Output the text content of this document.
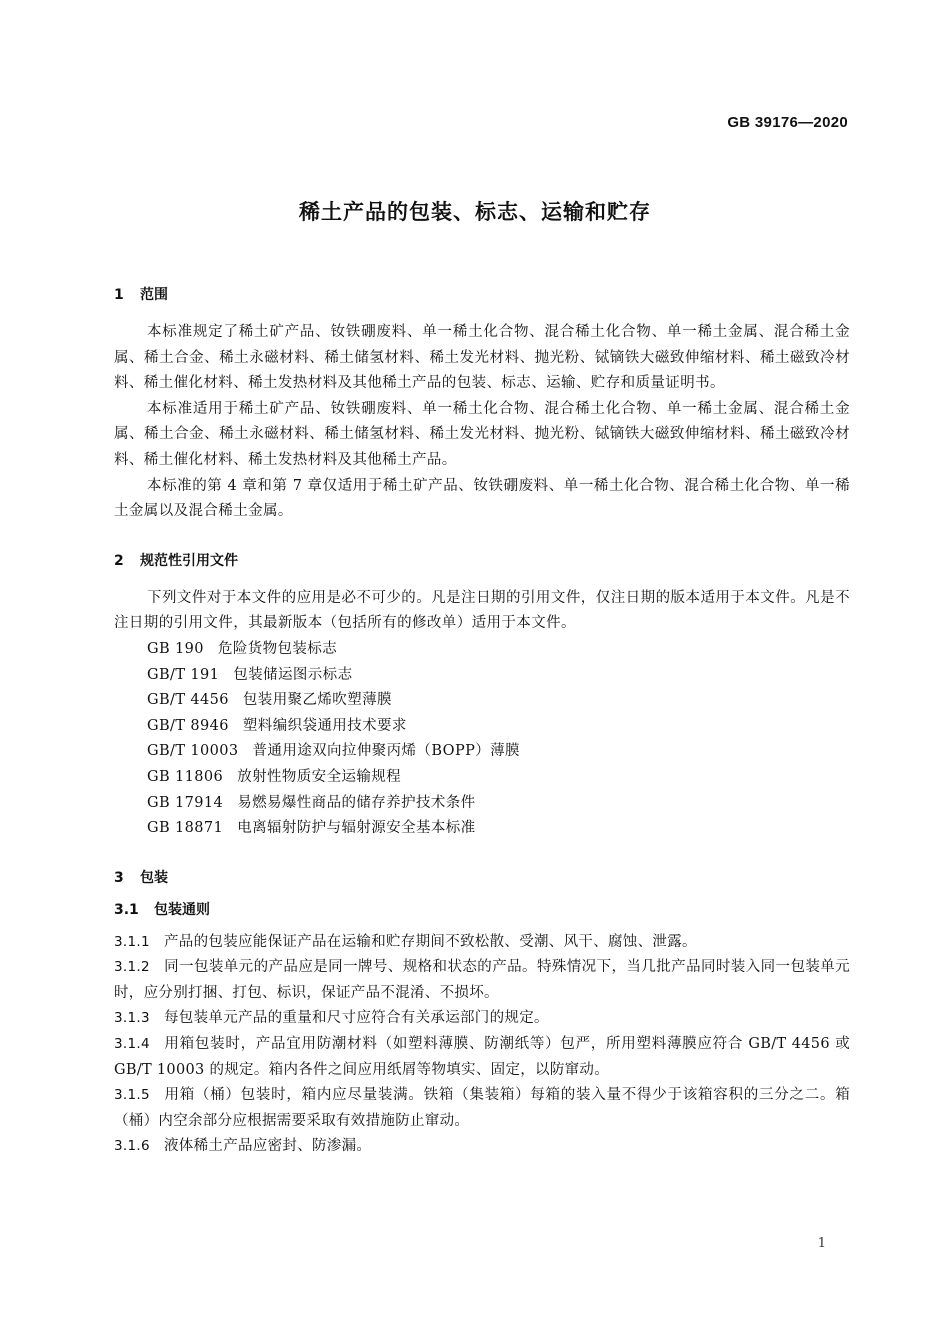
GB 39176—2020
稀土产品的包装、标志、运输和贮存
1 范围

本标准规定了稀土矿产品、钕铁硼废料、单一稀土化合物、混合稀土化合物、单一稀土金属、混合稀土金属、稀土合金、稀土永磁材料、稀土储氢材料、稀土发光材料、抛光粉、铽镝铁大磁致伸缩材料、稀土磁致冷材料、稀土催化材料、稀土发热材料及其他稀土产品的包装、标志、运输、贮存和质量证明书。

本标准适用于稀土矿产品、钕铁硼废料、单一稀土化合物、混合稀土化合物、单一稀土金属、混合稀土金属、稀土合金、稀土永磁材料、稀土储氢材料、稀土发光材料、抛光粉、铽镝铁大磁致伸缩材料、稀土磁致冷材料、稀土催化材料、稀土发热材料及其他稀土产品。

本标准的第 4 章和第 7 章仅适用于稀土矿产品、钕铁硼废料、单一稀土化合物、混合稀土化合物、单一稀土金属以及混合稀土金属。

2 规范性引用文件

下列文件对于本文件的应用是必不可少的。凡是注日期的引用文件，仅注日期的版本适用于本文件。凡是不注日期的引用文件，其最新版本（包括所有的修改单）适用于本文件。

GB 190 危险货物包装标志
GB/T 191 包装储运图示标志
GB/T 4456 包装用聚乙烯吹塑薄膜
GB/T 8946 塑料编织袋通用技术要求
GB/T 10003 普通用途双向拉伸聚丙烯（BOPP）薄膜
GB 11806 放射性物质安全运输规程
GB 17914 易燃易爆性商品的储存养护技术条件
GB 18871 电离辐射防护与辐射源安全基本标准
3 包装
3.1 包装通则

3.1.1 产品的包装应能保证产品在运输和贮存期间不致松散、受潮、风干、腐蚀、泄露。

3.1.2 同一包装单元的产品应是同一牌号、规格和状态的产品。特殊情况下，当几批产品同时装入同一包装单元时，应分别打捆、打包、标识，保证产品不混淆、不损坏。

3.1.3 每包装单元产品的重量和尺寸应符合有关承运部门的规定。

3.1.4 用箱包装时，产品宜用防潮材料（如塑料薄膜、防潮纸等）包严，所用塑料薄膜应符合 GB/T 4456 或 GB/T 10003 的规定。箱内各件之间应用纸屑等物填实、固定，以防窜动。

3.1.5 用箱（桶）包装时，箱内应尽量装满。铁箱（集装箱）每箱的装入量不得少于该箱容积的三分之二。箱（桶）内空余部分应根据需要采取有效措施防止窜动。

3.1.6 液体稀土产品应密封、防渗漏。

1
